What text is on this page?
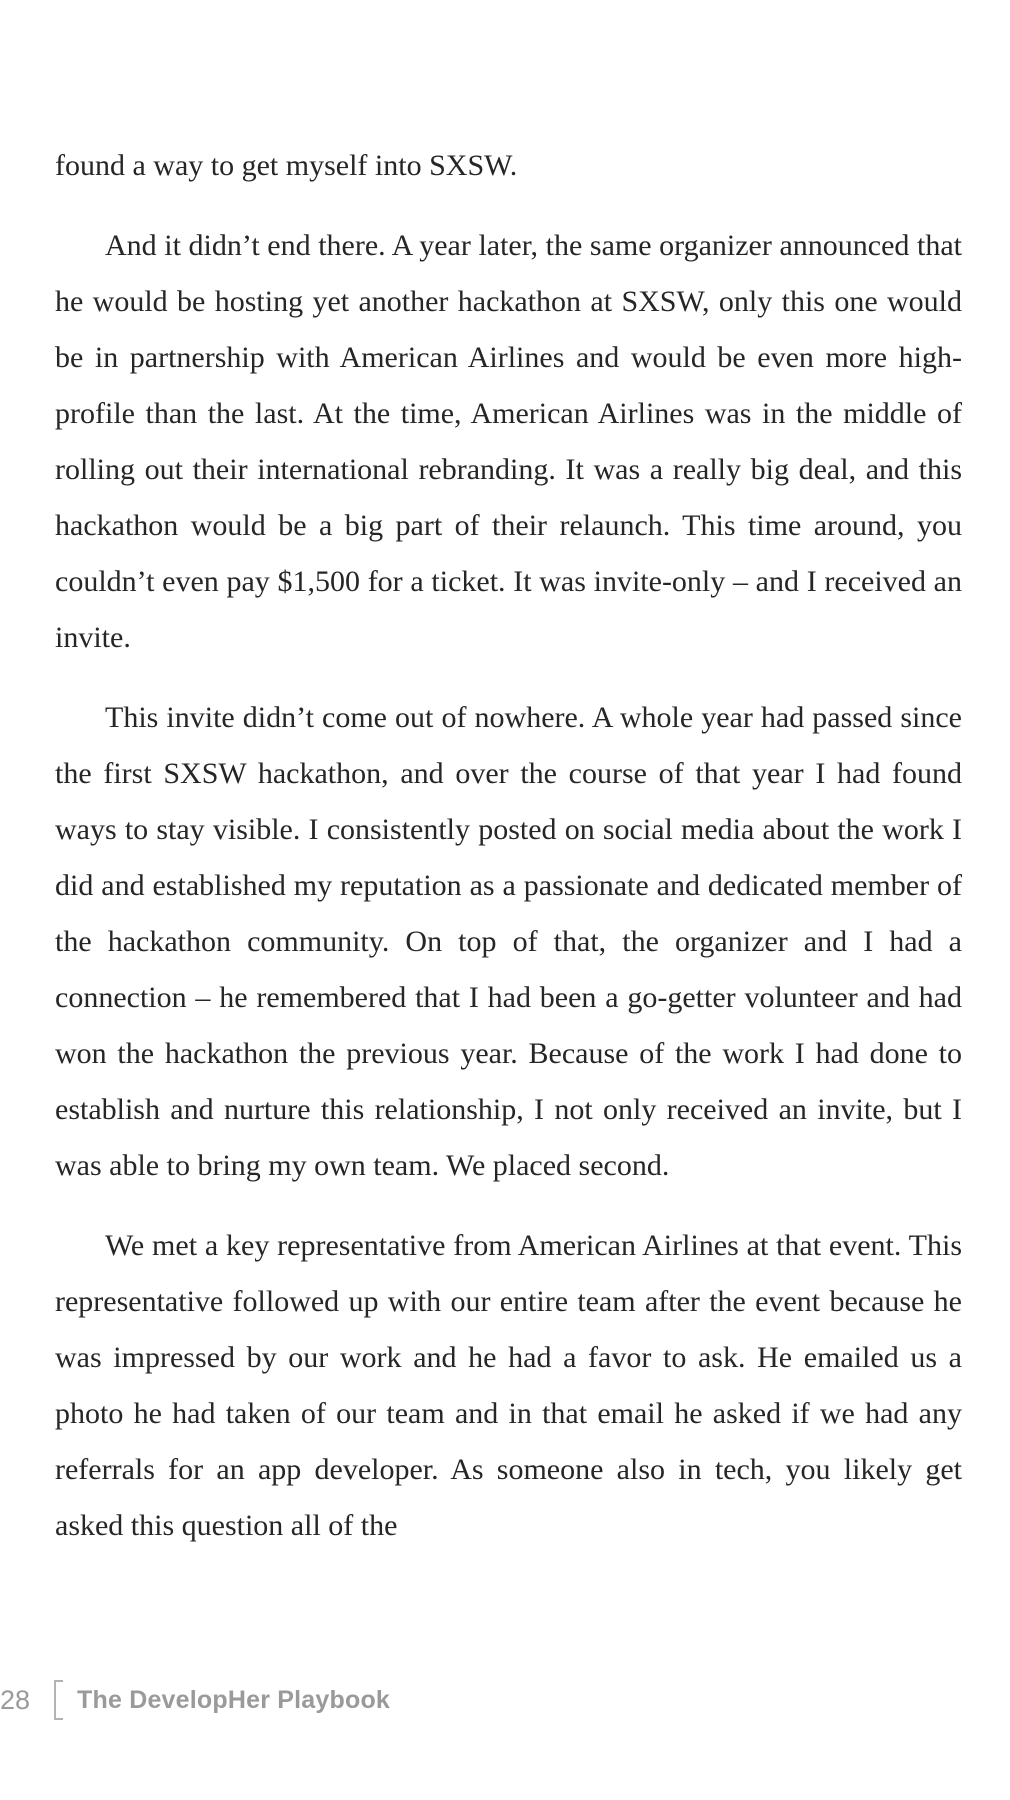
found a way to get myself into SXSW.

And it didn’t end there. A year later, the same organizer announced that he would be hosting yet another hackathon at SXSW, only this one would be in partnership with American Airlines and would be even more high-profile than the last. At the time, American Airlines was in the middle of rolling out their international rebranding. It was a really big deal, and this hackathon would be a big part of their relaunch. This time around, you couldn’t even pay $1,500 for a ticket. It was invite-only – and I received an invite.

This invite didn’t come out of nowhere. A whole year had passed since the first SXSW hackathon, and over the course of that year I had found ways to stay visible. I consistently posted on social media about the work I did and established my reputation as a passionate and dedicated member of the hackathon community. On top of that, the organizer and I had a connection – he remembered that I had been a go-getter volunteer and had won the hackathon the previous year. Because of the work I had done to establish and nurture this relationship, I not only received an invite, but I was able to bring my own team. We placed second.

We met a key representative from American Airlines at that event. This representative followed up with our entire team after the event because he was impressed by our work and he had a favor to ask. He emailed us a photo he had taken of our team and in that email he asked if we had any referrals for an app developer. As someone also in tech, you likely get asked this question all of the

28 The DevelopHer Playbook
